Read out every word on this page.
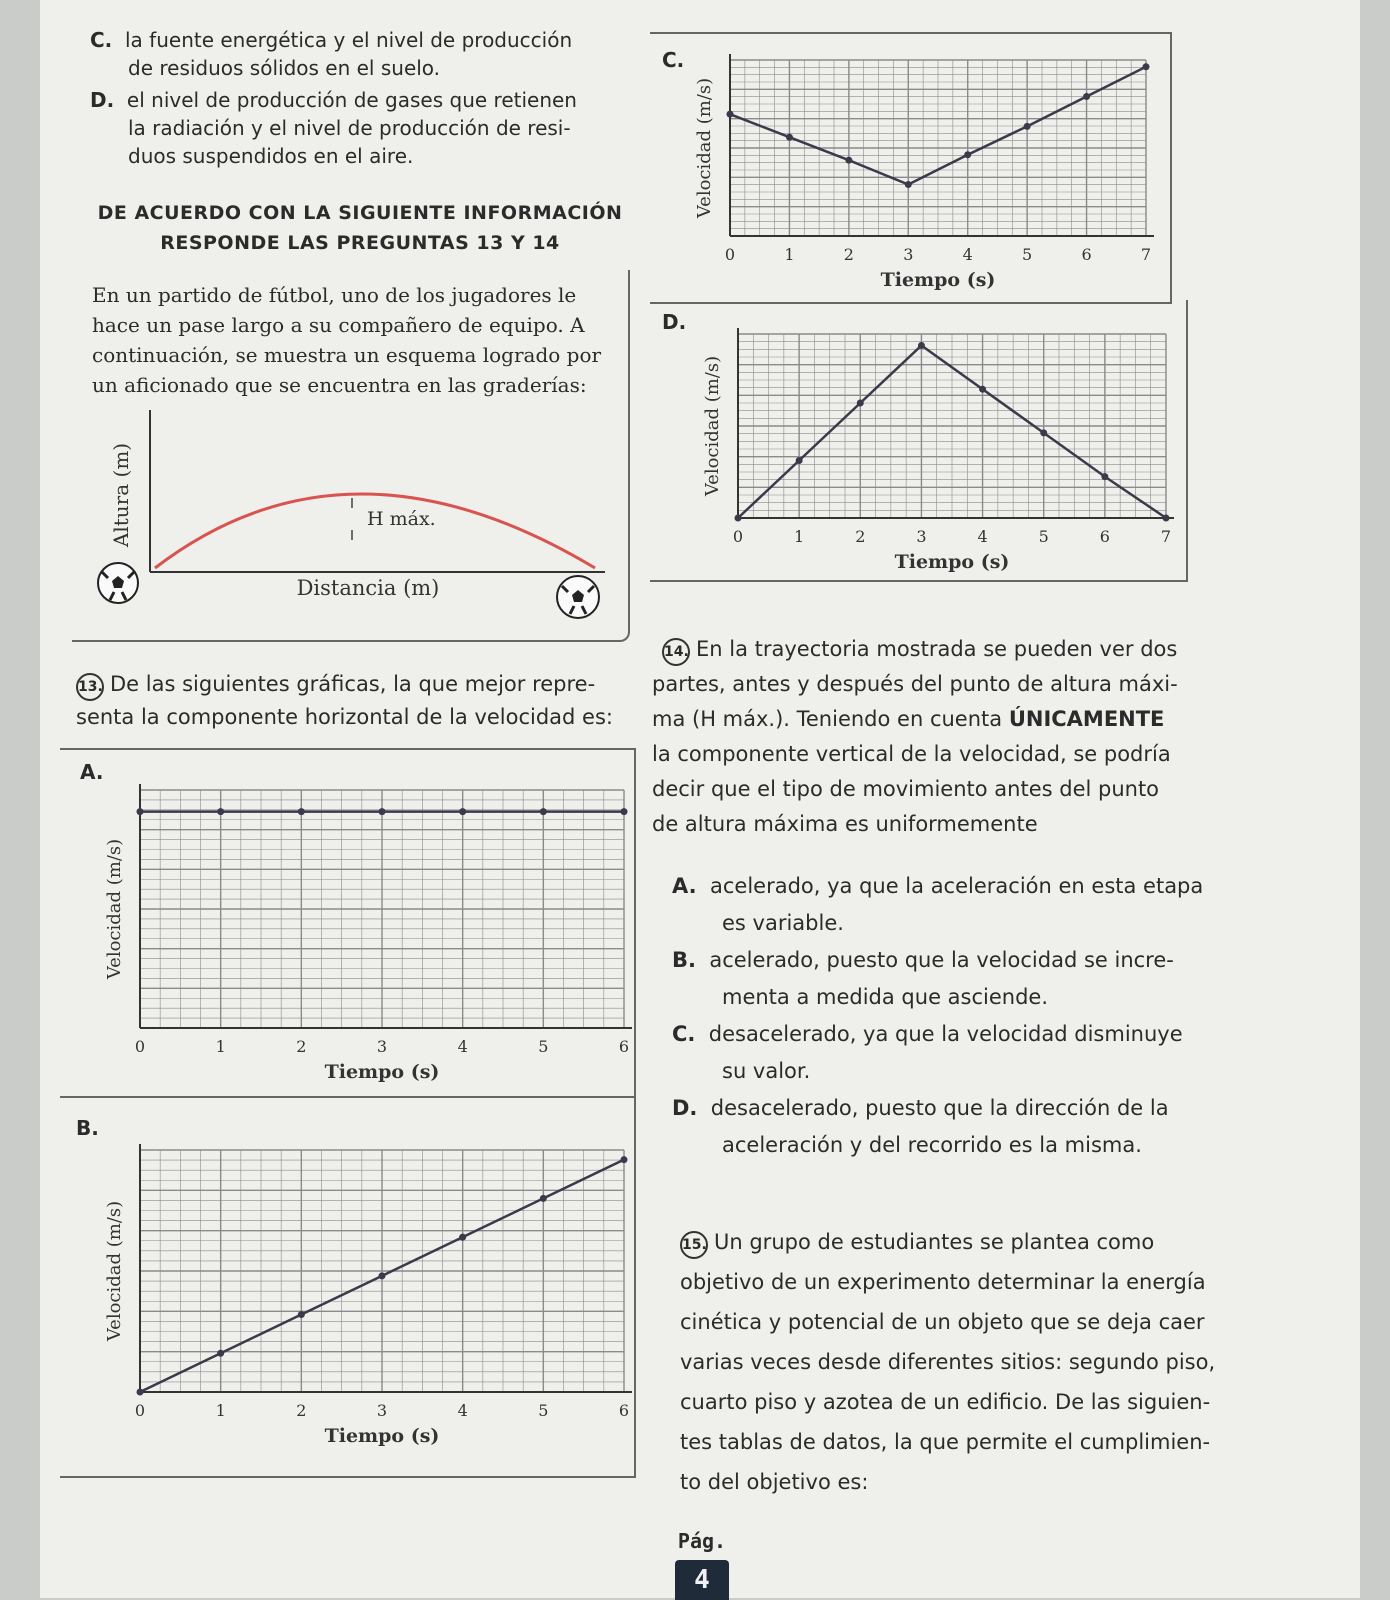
C. la fuente energética y el nivel de producción
de residuos sólidos en el suelo.
D. el nivel de producción de gases que retienen
la radiación y el nivel de producción de resi-
duos suspendidos en el aire.
DE ACUERDO CON LA SIGUIENTE INFORMACIÓN
RESPONDE LAS PREGUNTAS 13 Y 14
En un partido de fútbol, uno de los jugadores le
hace un pase largo a su compañero de equipo. A
continuación, se muestra un esquema logrado por
un aficionado que se encuentra en las graderías:
H máx.
Altura (m)
Distancia (m)
C.
0	1	2	3	4	5	6	7
Tiempo (s)
Velocidad (m/s)
D.
0	1	2	3	4	5	6	7
Tiempo (s)
Velocidad (m/s)
13. De las siguientes gráficas, la que mejor repre-
senta la componente horizontal de la velocidad es:
A.
0	1	2	3	4	5	6
Tiempo (s)
Velocidad (m/s)
B.
0	1	2	3	4	5	6
Tiempo (s)
Velocidad (m/s)
14. En la trayectoria mostrada se pueden ver dos
partes, antes y después del punto de altura máxi-
ma (H máx.). Teniendo en cuenta ÚNICAMENTE
la componente vertical de la velocidad, se podría
decir que el tipo de movimiento antes del punto
de altura máxima es uniformemente
A. acelerado, ya que la aceleración en esta etapa
es variable.
B. acelerado, puesto que la velocidad se incre-
menta a medida que asciende.
C. desacelerado, ya que la velocidad disminuye
su valor.
D. desacelerado, puesto que la dirección de la
aceleración y del recorrido es la misma.
15. Un grupo de estudiantes se plantea como
objetivo de un experimento determinar la energía
cinética y potencial de un objeto que se deja caer
varias veces desde diferentes sitios: segundo piso,
cuarto piso y azotea de un edificio. De las siguien-
tes tablas de datos, la que permite el cumplimien-
to del objetivo es:
Pág.
4
